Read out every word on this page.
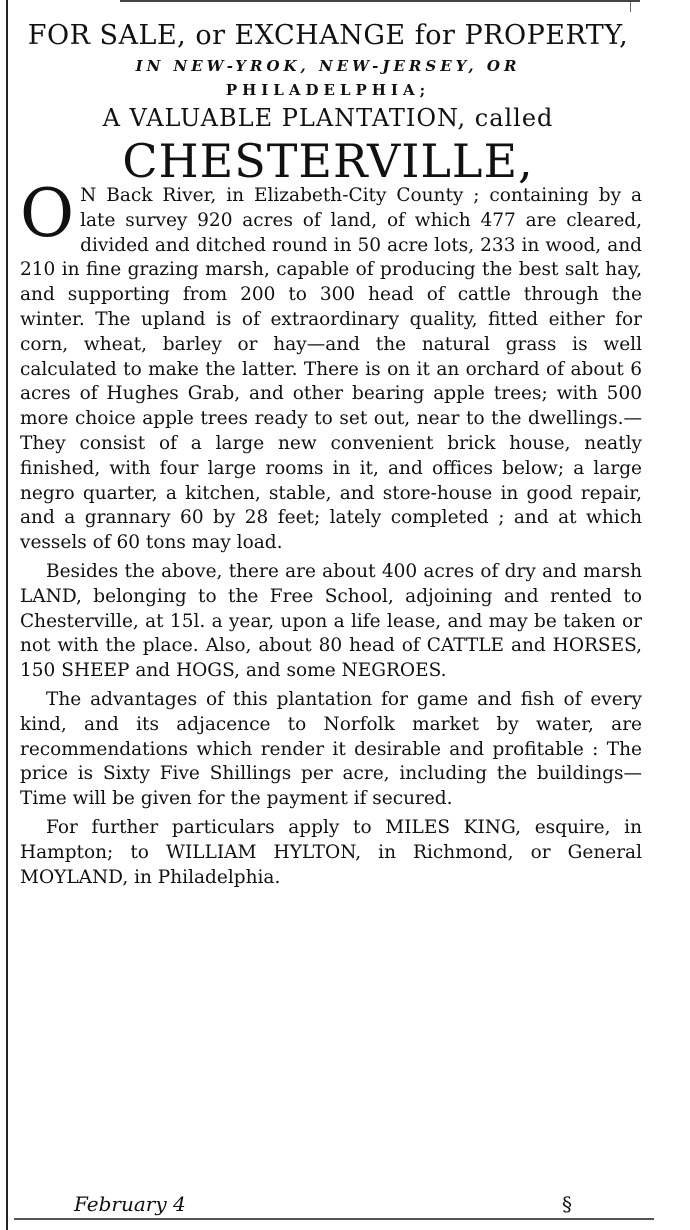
FOR SALE, or EXCHANGE for PROPERTY,
IN NEW-YROK, NEW-JERSEY, OR
PHILADELPHIA;
A VALUABLE PLANTATION, called
CHESTERVILLE,

O N Back River, in Elizabeth-City County ; containing by a late survey 920 acres of land, of which 477 are cleared, divided and ditched round in 50 acre lots, 233 in wood, and 210 in fine grazing marsh, capable of producing the best salt hay, and supporting from 200 to 300 head of cattle through the winter. The upland is of extraordinary quality, fitted either for corn, wheat, barley or hay—and the natural grass is well calculated to make the latter. There is on it an orchard of about 6 acres of Hughes Grab, and other bearing apple trees; with 500 more choice apple trees ready to set out, near to the dwellings.—They consist of a large new convenient brick house, neatly finished, with four large rooms in it, and offices below; a large negro quarter, a kitchen, stable, and store-house in good repair, and a grannary 60 by 28 feet; lately completed ; and at which vessels of 60 tons may load.

Besides the above, there are about 400 acres of dry and marsh LAND, belonging to the Free School, adjoining and rented to Chesterville, at 15l. a year, upon a life lease, and may be taken or not with the place. Also, about 80 head of CATTLE and HORSES, 150 SHEEP and HOGS, and some NEGROES.

The advantages of this plantation for game and fish of every kind, and its adjacence to Norfolk market by water, are recommendations which render it desirable and profitable : The price is Sixty Five Shillings per acre, including the buildings—Time will be given for the payment if secured.

For further particulars apply to MILES KING, esquire, in Hampton; to WILLIAM HYLTON, in Richmond, or General MOYLAND, in Philadelphia.

February 4	§
